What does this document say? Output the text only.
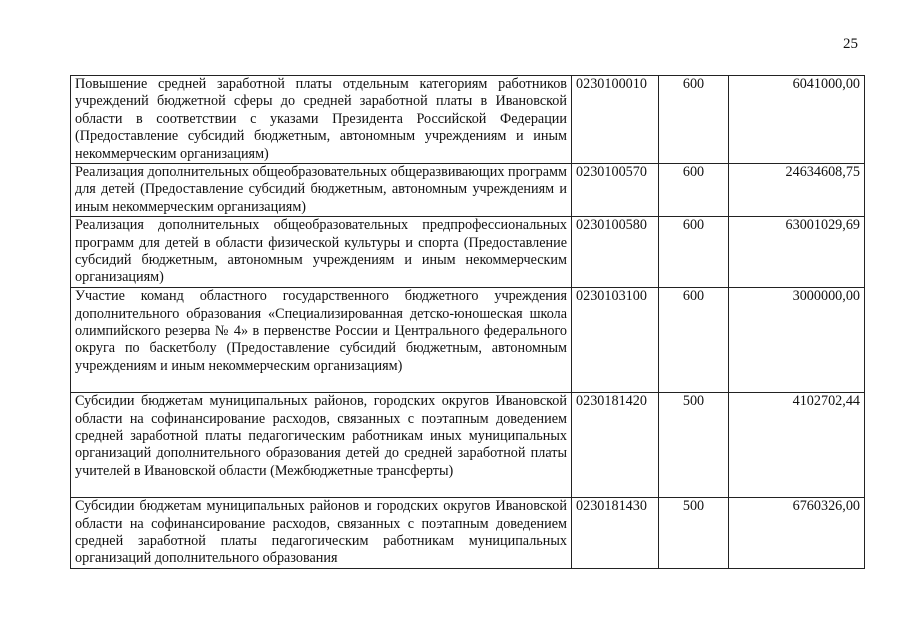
25
Повышение средней заработной платы отдельным категориям работников учреждений бюджетной сферы до средней заработной платы в Ивановской области в соответствии с указами Президента Российской Федерации (Предоставление субсидий бюджетным, автономным учреждениям и иным некоммерческим организациям)	0230100010	600	6041000,00

Реализация дополнительных общеобразовательных общеразвивающих программ для детей (Предоставление субсидий бюджетным, автономным учреждениям и иным некоммерческим организациям)	0230100570	600	24634608,75

Реализация дополнительных общеобразовательных предпрофессиональных программ для детей в области физической культуры и спорта (Предоставление субсидий бюджетным, автономным учреждениям и иным некоммерческим организациям)	0230100580	600	63001029,69

Участие команд областного государственного бюджетного учреждения дополнительного образования «Специализированная детско-юношеская школа олимпийского резерва № 4» в первенстве России и Центрального федерального округа по баскетболу (Предоставление субсидий бюджетным, автономным учреждениям и иным некоммерческим организациям)	0230103100	600	3000000,00

Субсидии бюджетам муниципальных районов, городских округов Ивановской области на софинансирование расходов, связанных с поэтапным доведением средней заработной платы педагогическим работникам иных муниципальных организаций дополнительного образования детей до средней заработной платы учителей в Ивановской области (Межбюджетные трансферты)	0230181420	500	4102702,44

Субсидии бюджетам муниципальных районов и городских округов Ивановской области на софинансирование расходов, связанных с поэтапным доведением средней заработной платы педагогическим работникам муниципальных организаций дополнительного образования	0230181430	500	6760326,00
